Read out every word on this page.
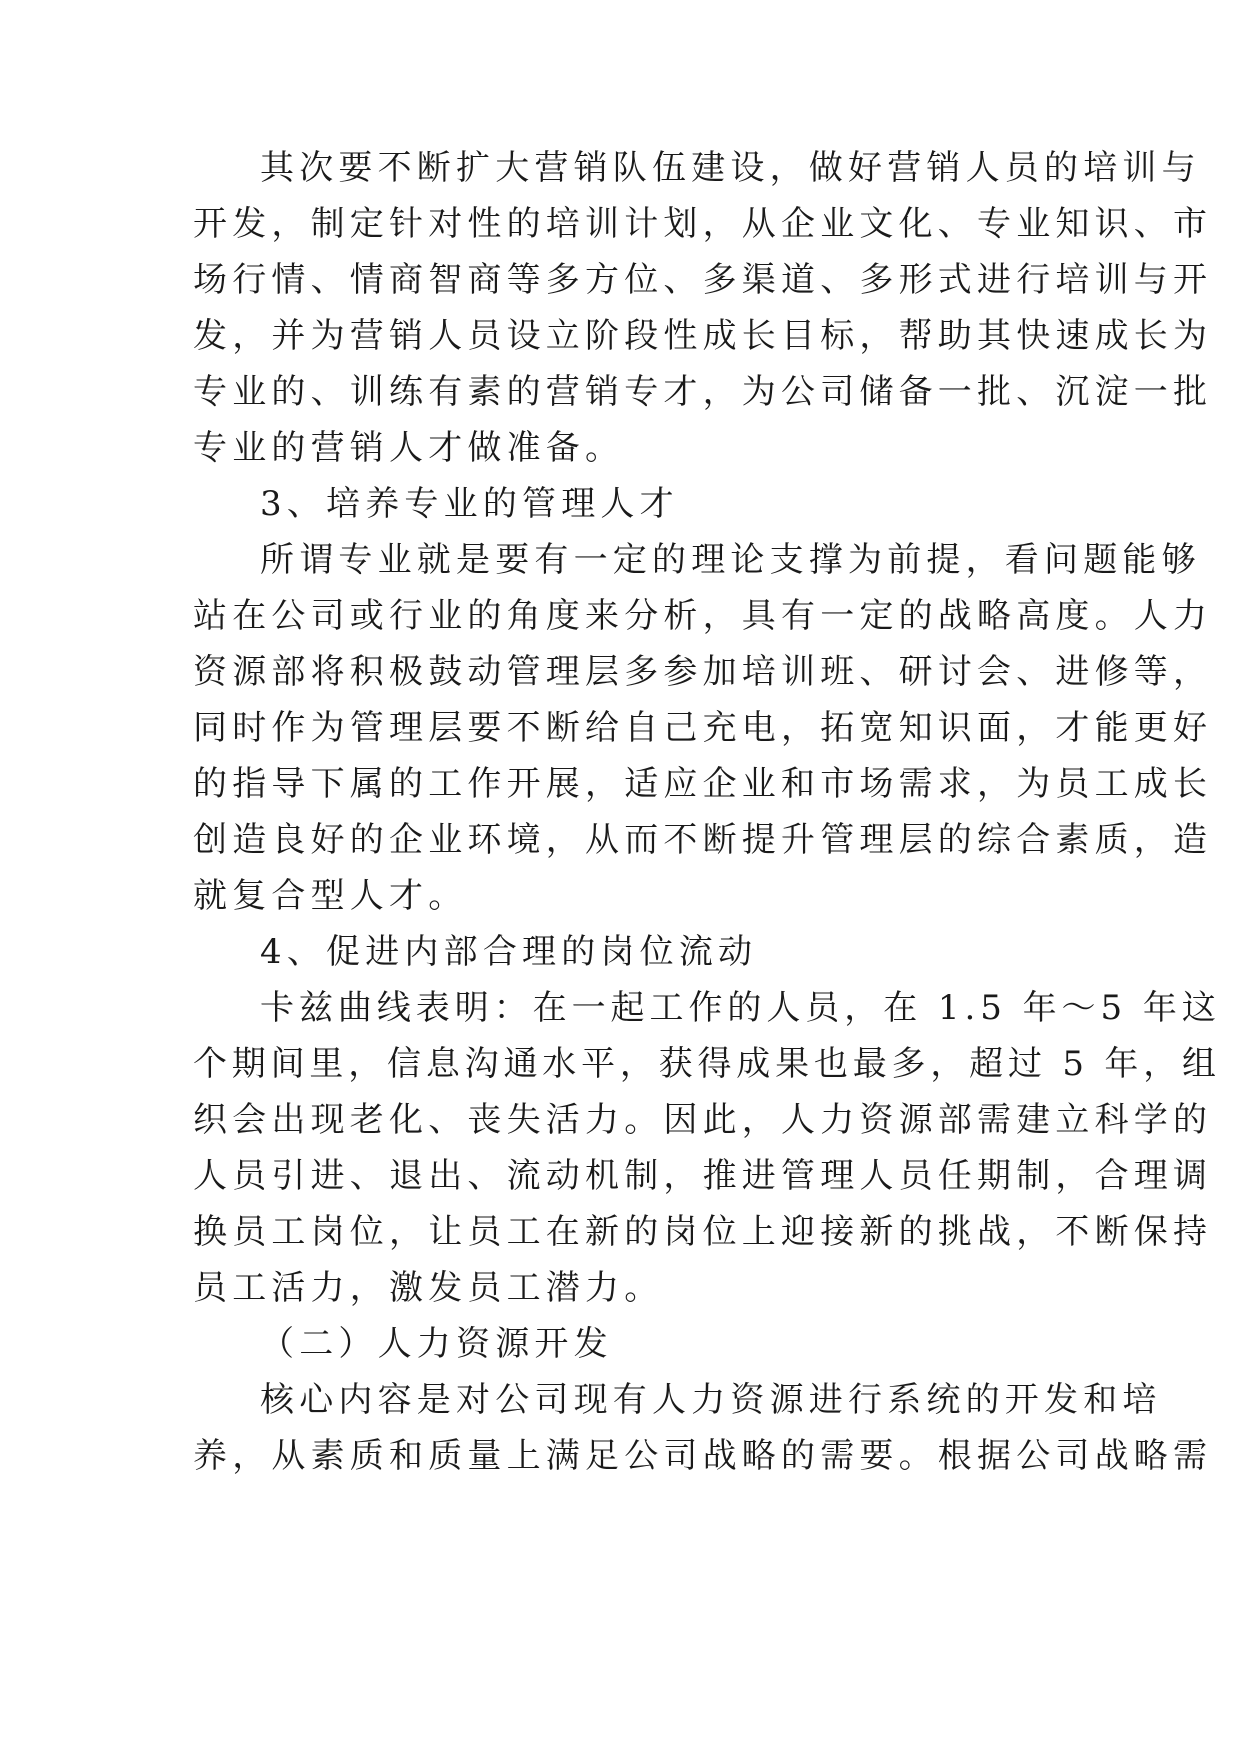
其次要不断扩大营销队伍建设，做好营销人员的培训与
开发，制定针对性的培训计划，从企业文化、专业知识、市
场行情、情商智商等多方位、多渠道、多形式进行培训与开
发，并为营销人员设立阶段性成长目标，帮助其快速成长为
专业的、训练有素的营销专才，为公司储备一批、沉淀一批
专业的营销人才做准备。
3、培养专业的管理人才
所谓专业就是要有一定的理论支撑为前提，看问题能够
站在公司或行业的角度来分析，具有一定的战略高度。人力
资源部将积极鼓动管理层多参加培训班、研讨会、进修等，
同时作为管理层要不断给自己充电，拓宽知识面，才能更好
的指导下属的工作开展，适应企业和市场需求，为员工成长
创造良好的企业环境，从而不断提升管理层的综合素质，造
就复合型人才。
4、促进内部合理的岗位流动
卡兹曲线表明：在一起工作的人员，在 1.5 年～5 年这
个期间里，信息沟通水平，获得成果也最多，超过 5 年，组
织会出现老化、丧失活力。因此，人力资源部需建立科学的
人员引进、退出、流动机制，推进管理人员任期制，合理调
换员工岗位，让员工在新的岗位上迎接新的挑战，不断保持
员工活力，激发员工潜力。
（二）人力资源开发
核心内容是对公司现有人力资源进行系统的开发和培
养，从素质和质量上满足公司战略的需要。根据公司战略需
